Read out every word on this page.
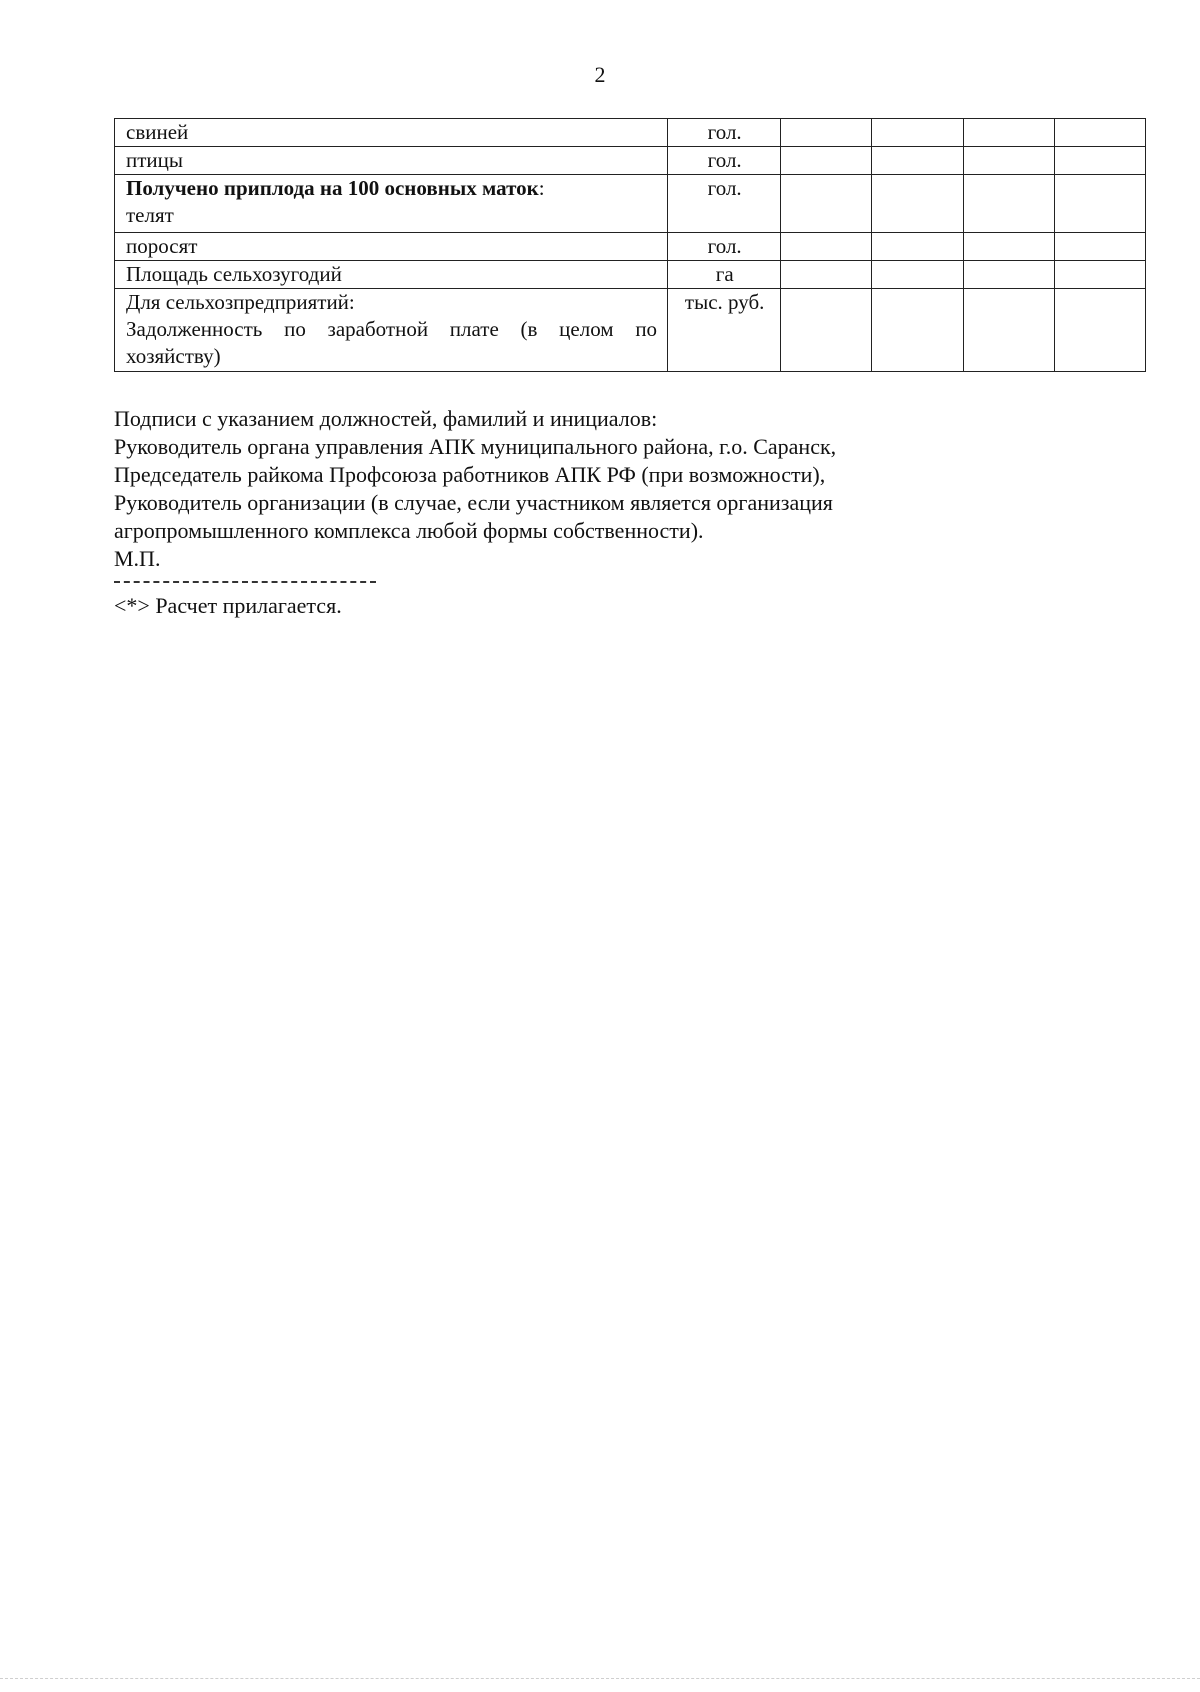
2
свиней	гол.				
птицы	гол.				

Получено приплода на 100 основных маток:
телят	гол.				
поросят	гол.				
Площадь сельхозугодий	га				

Для сельхозпредприятий:
Задолженность по заработной плате (в целом по
хозяйству)	тыс. руб.				
Подписи с указанием должностей, фамилий и инициалов:
Руководитель органа управления АПК муниципального района, г.о. Саранск,
Председатель райкома Профсоюза работников АПК РФ (при возможности),
Руководитель организации (в случае, если участником является организация
агропромышленного комплекса любой формы собственности).
М.П.
<*> Расчет прилагается.
